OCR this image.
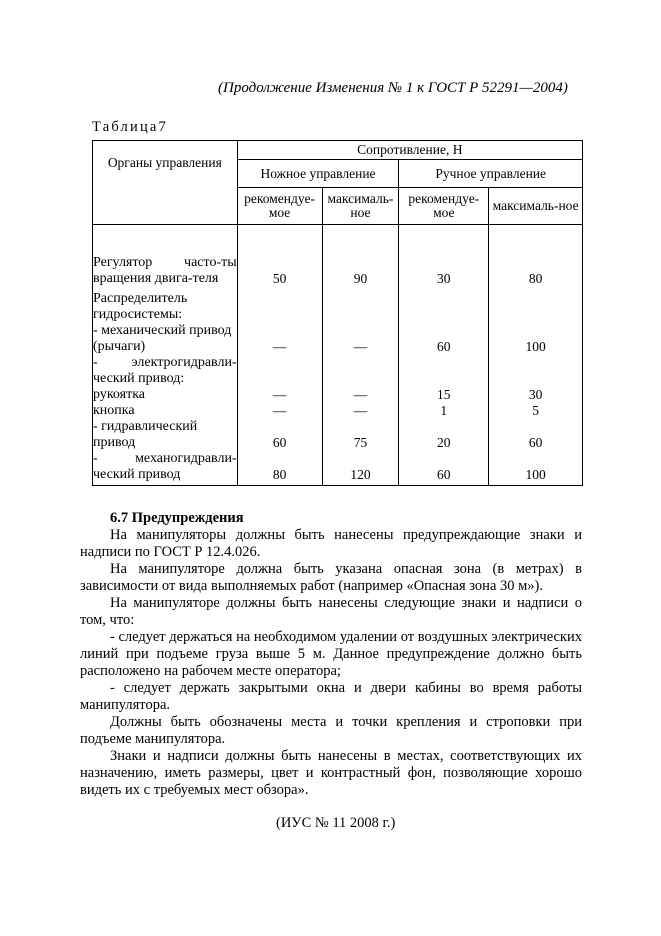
(Продолжение Изменения № 1 к ГОСТ Р 52291—2004)
Таблица7
Органы управления	Сопротивление, Н			
	Ножное управление		Ручное управление	
	рекомендуе-мое	максималь-ное	рекомендуе-мое	максималь-ное
Регулятор часто-ты вращения двига-теля	50	90	30	80
Распределитель гидросистемы:				
- механический привод (рычаги)	—	—	60	100
- электрогидравли-ческий привод:				
рукоятка	—	—	15	30
кнопка	—	—	1	5
- гидравлический привод	60	75	20	60
- механогидравли-ческий привод	80	120	60	100

6.7 Предупреждения

На манипуляторы должны быть нанесены предупреждающие знаки и надписи по ГОСТ Р 12.4.026.

На манипуляторе должна быть указана опасная зона (в метрах) в зависимости от вида выполняемых работ (например «Опасная зона 30 м»).

На манипуляторе должны быть нанесены следующие знаки и надписи о том, что:

- следует держаться на необходимом удалении от воздушных электрических линий при подъеме груза выше 5 м. Данное предупреждение должно быть расположено на рабочем месте оператора;

- следует держать закрытыми окна и двери кабины во время работы манипулятора.

Должны быть обозначены места и точки крепления и строповки при подъеме манипулятора.

Знаки и надписи должны быть нанесены в местах, соответствующих их назначению, иметь размеры, цвет и контрастный фон, позволяющие хорошо видеть их с требуемых мест обзора».

(ИУС № 11 2008 г.)
